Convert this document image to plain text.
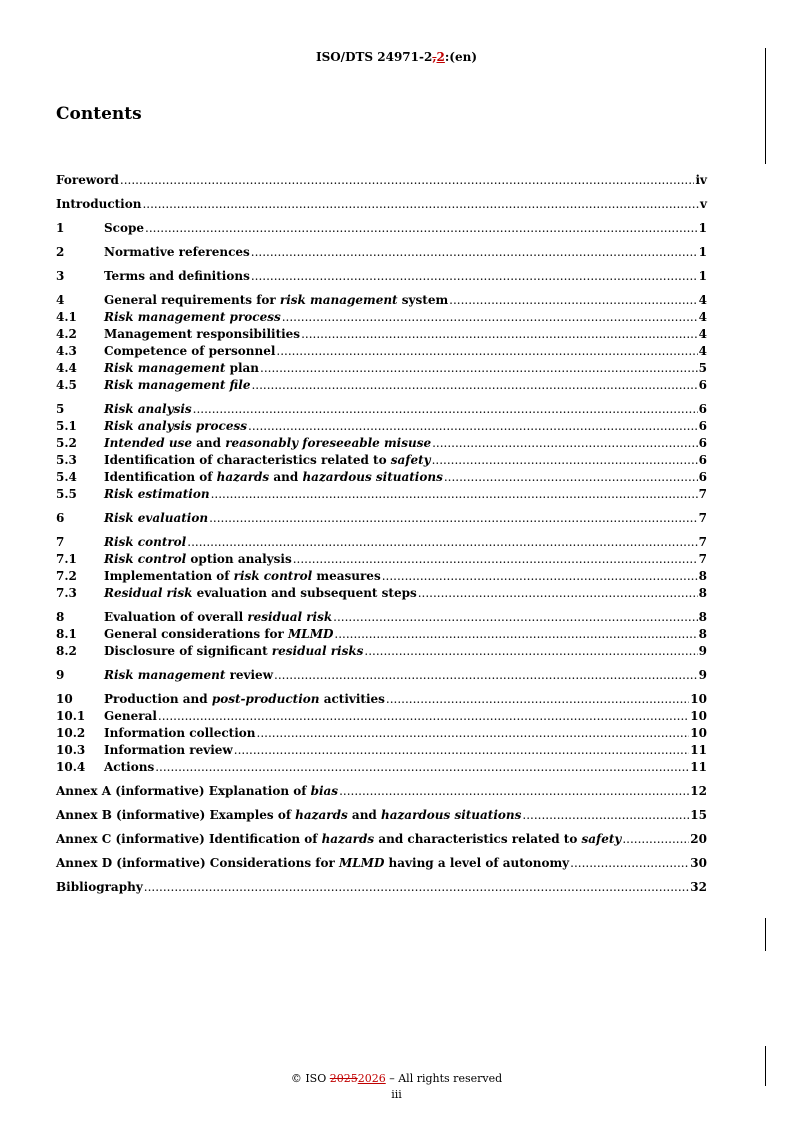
ISO/DTS 24971-2,2:(en)
Contents
Foreword .....	iv
Introduction .....	v
1	Scope .....	1
2	Normative references .....	1
3	Terms and definitions .....	1
4	General requirements for risk management system .....	4
4.1	Risk management process .....	4
4.2	Management responsibilities .....	4
4.3	Competence of personnel .....	4
4.4	Risk management plan .....	5
4.5	Risk management file .....	6
5	Risk analysis .....	6
5.1	Risk analysis process .....	6
5.2	Intended use and reasonably foreseeable misuse .....	6
5.3	Identification of characteristics related to safety .....	6
5.4	Identification of hazards and hazardous situations .....	6
5.5	Risk estimation .....	7
6	Risk evaluation .....	7
7	Risk control .....	7
7.1	Risk control option analysis .....	7
7.2	Implementation of risk control measures .....	8
7.3	Residual risk evaluation and subsequent steps .....	8
8	Evaluation of overall residual risk .....	8
8.1	General considerations for MLMD .....	8
8.2	Disclosure of significant residual risks .....	9
9	Risk management review .....	9
10	Production and post-production activities .....	10
10.1	General .....	10
10.2	Information collection .....	10
10.3	Information review .....	11
10.4	Actions .....	11
Annex A (informative) Explanation of bias .....	12
Annex B (informative) Examples of hazards and hazardous situations .....	15
Annex C (informative) Identification of hazards and characteristics related to safety .....	20
Annex D (informative) Considerations for MLMD having a level of autonomy .....	30
Bibliography .....	32
© ISO 20252026 – All rights reserved
iii
